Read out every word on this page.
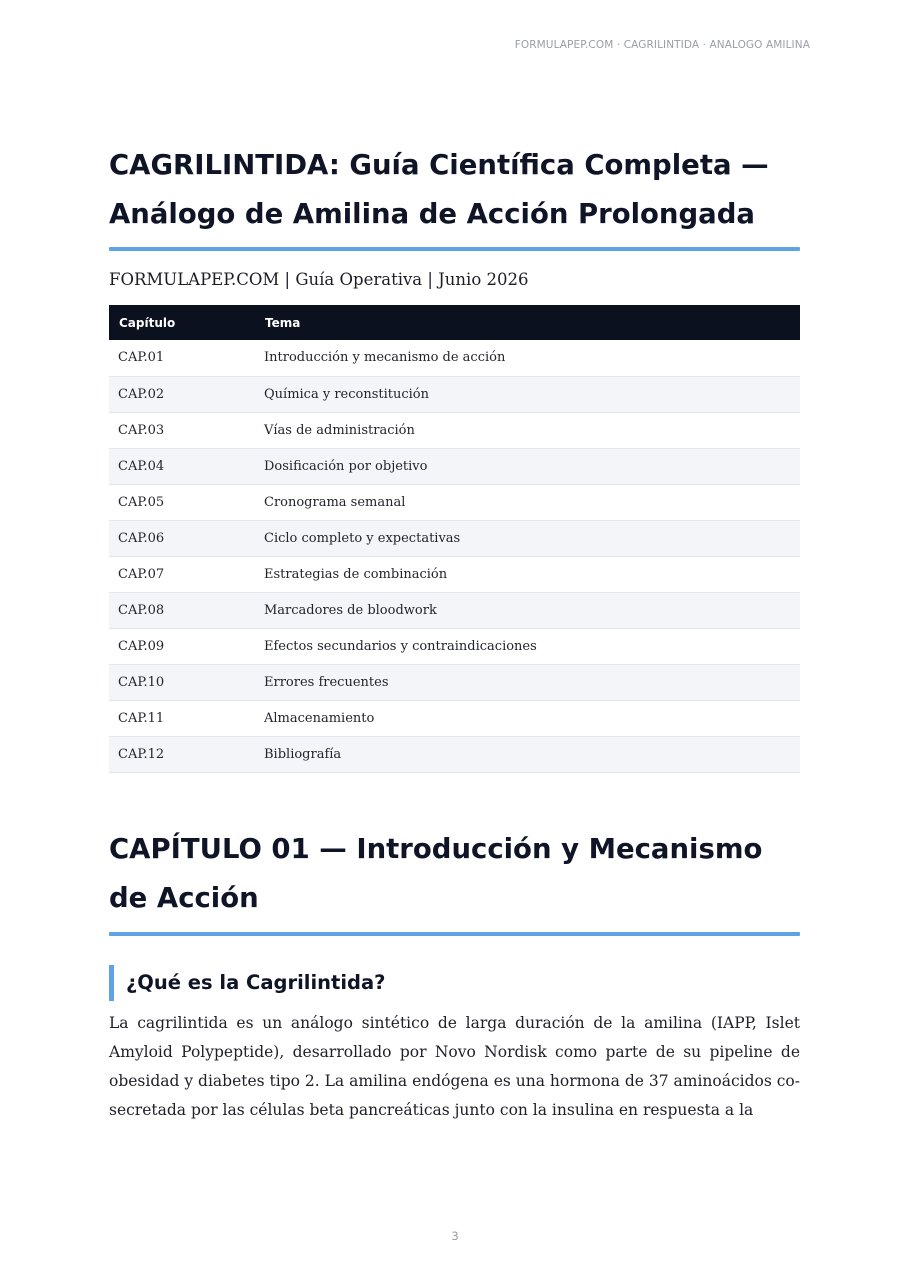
FORMULAPEP.COM · CAGRILINTIDA · ANALOGO AMILINA
CAGRILINTIDA: Guía Científica Completa — Análogo de Amilina de Acción Prolongada
FORMULAPEP.COM | Guía Operativa | Junio 2026
Capítulo	Tema
CAP.01	Introducción y mecanismo de acción
CAP.02	Química y reconstitución
CAP.03	Vías de administración
CAP.04	Dosificación por objetivo
CAP.05	Cronograma semanal
CAP.06	Ciclo completo y expectativas
CAP.07	Estrategias de combinación
CAP.08	Marcadores de bloodwork
CAP.09	Efectos secundarios y contraindicaciones
CAP.10	Errores frecuentes
CAP.11	Almacenamiento
CAP.12	Bibliografía
CAPÍTULO 01 — Introducción y Mecanismo de Acción
¿Qué es la Cagrilintida?

La cagrilintida es un análogo sintético de larga duración de la amilina (IAPP, Islet Amyloid Polypeptide), desarrollado por Novo Nordisk como parte de su pipeline de obesidad y diabetes tipo 2. La amilina endógena es una hormona de 37 aminoácidos co-secretada por las células beta pancreáticas junto con la insulina en respuesta a la

3
